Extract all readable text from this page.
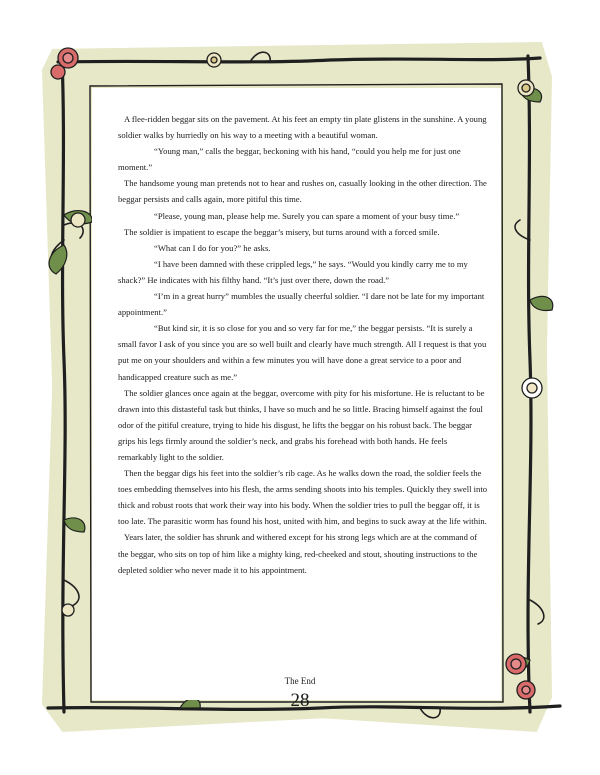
A flee-ridden beggar sits on the pavement. At his feet an empty tin plate glistens in the sunshine. A young soldier walks by hurriedly on his way to a meeting with a beautiful woman.

“Young man,” calls the beggar, beckoning with his hand, “could you help me for just one moment.”

The handsome young man pretends not to hear and rushes on, casually looking in the other direction. The beggar persists and calls again, more pitiful this time.

“Please, young man, please help me. Surely you can spare a moment of your busy time.”

The soldier is impatient to escape the beggar’s misery, but turns around with a forced smile.

“What can I do for you?” he asks.

“I have been damned with these crippled legs,” he says. “Would you kindly carry me to my shack?” He indicates with his filthy hand. “It’s just over there, down the road.”

“I’m in a great hurry” mumbles the usually cheerful soldier. “I dare not be late for my important appointment.”

“But kind sir, it is so close for you and so very far for me,” the beggar persists. “It is surely a small favor I ask of you since you are so well built and clearly have much strength. All I request is that you put me on your shoulders and within a few minutes you will have done a great service to a poor and handicapped creature such as me.”

The soldier glances once again at the beggar, overcome with pity for his misfortune. He is reluctant to be drawn into this distasteful task but thinks, I have so much and he so little. Bracing himself against the foul odor of the pitiful creature, trying to hide his disgust, he lifts the beggar on his robust back. The beggar grips his legs firmly around the soldier’s neck, and grabs his forehead with both hands. He feels remarkably light to the soldier.

Then the beggar digs his feet into the soldier’s rib cage. As he walks down the road, the soldier feels the toes embedding themselves into his flesh, the arms sending shoots into his temples. Quickly they swell into thick and robust roots that work their way into his body. When the soldier tries to pull the beggar off, it is too late. The parasitic worm has found his host, united with him, and begins to suck away at the life within.

Years later, the soldier has shrunk and withered except for his strong legs which are at the command of the beggar, who sits on top of him like a mighty king, red-cheeked and stout, shouting instructions to the depleted soldier who never made it to his appointment.

The End
28
